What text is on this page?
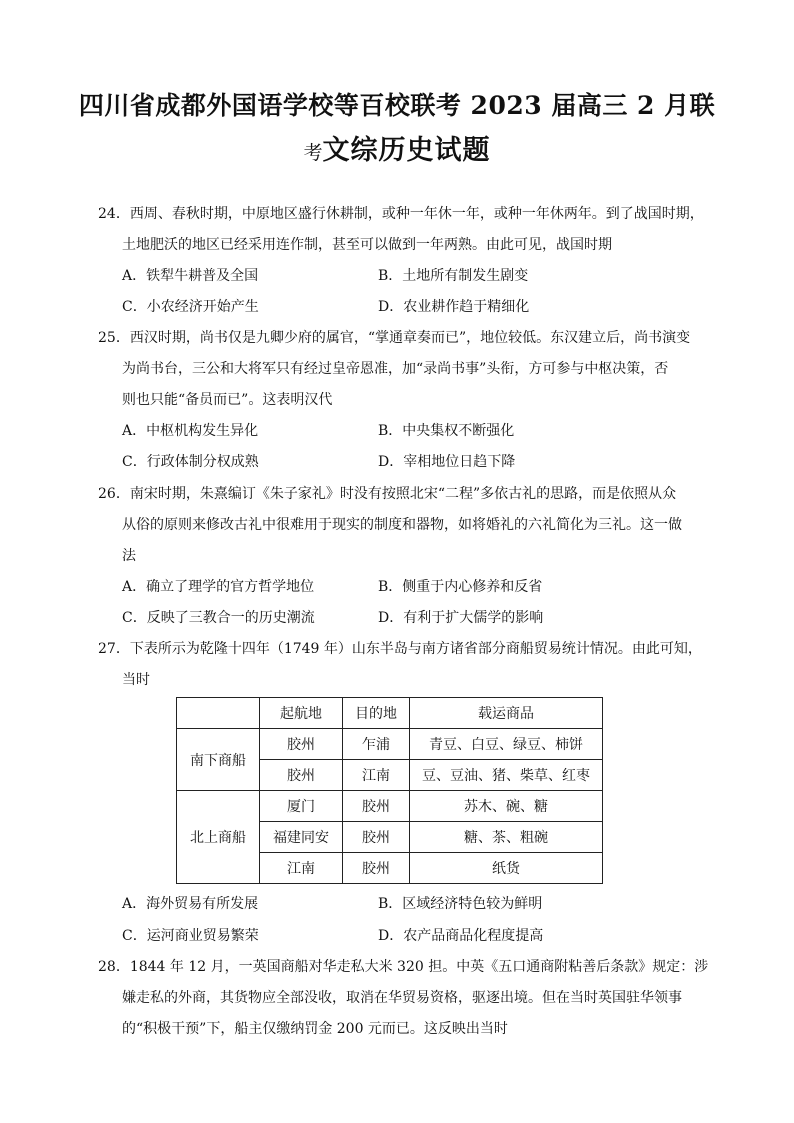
四川省成都外国语学校等百校联考 2023 届高三 2 月联
考文综历史试题
24．西周、春秋时期，中原地区盛行休耕制，或种一年休一年，或种一年休两年。到了战国时期，
土地肥沃的地区已经采用连作制，甚至可以做到一年两熟。由此可见，战国时期
A．铁犁牛耕普及全国	B．土地所有制发生剧变
C．小农经济开始产生	D．农业耕作趋于精细化
25．西汉时期，尚书仅是九卿少府的属官，“掌通章奏而已”，地位较低。东汉建立后，尚书演变
为尚书台，三公和大将军只有经过皇帝恩准，加“录尚书事”头衔，方可参与中枢决策，否
则也只能“备员而已”。这表明汉代
A．中枢机构发生异化	B．中央集权不断强化
C．行政体制分权成熟	D．宰相地位日趋下降
26．南宋时期，朱熹编订《朱子家礼》时没有按照北宋“二程”多依古礼的思路，而是依照从众
从俗的原则来修改古礼中很难用于现实的制度和器物，如将婚礼的六礼简化为三礼。这一做
法
A．确立了理学的官方哲学地位	B．侧重于内心修养和反省
C．反映了三教合一的历史潮流	D．有利于扩大儒学的影响
27．下表所示为乾隆十四年（1749 年）山东半岛与南方诸省部分商船贸易统计情况。由此可知，
当时
	起航地	目的地	载运商品
南下商船	胶州	乍浦	青豆、白豆、绿豆、柿饼
	胶州	江南	豆、豆油、猪、柴草、红枣
北上商船	厦门	胶州	苏木、碗、糖
	福建同安	胶州	糖、茶、粗碗
	江南	胶州	纸货
A．海外贸易有所发展	B．区域经济特色较为鲜明
C．运河商业贸易繁荣	D．农产品商品化程度提高
28．1844 年 12 月，一英国商船对华走私大米 320 担。中英《五口通商附粘善后条款》规定：涉
嫌走私的外商，其货物应全部没收，取消在华贸易资格，驱逐出境。但在当时英国驻华领事
的“积极干预”下，船主仅缴纳罚金 200 元而已。这反映出当时
